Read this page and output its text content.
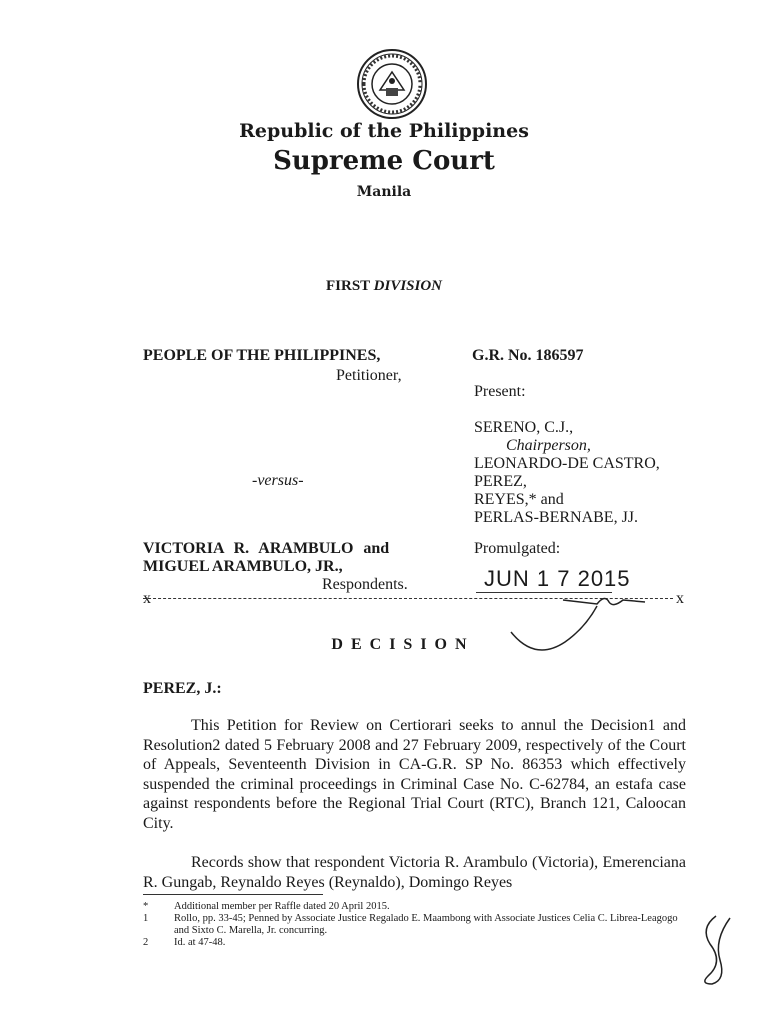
Republic of the Philippines
Supreme Court
Manila
FIRST DIVISION
PEOPLE OF THE PHILIPPINES,
Petitioner,
-versus-
VICTORIA R. ARAMBULO and
MIGUEL ARAMBULO, JR.,
Respondents.
G.R. No. 186597
Present:
SERENO, C.J.,
Chairperson,
LEONARDO-DE CASTRO,
PEREZ,
REYES,* and
PERLAS-BERNABE, JJ.
Promulgated:
JUN 1 7 2015
x	x
D E C I S I O N
PEREZ, J.:

This Petition for Review on Certiorari seeks to annul the Decision1 and Resolution2 dated 5 February 2008 and 27 February 2009, respectively of the Court of Appeals, Seventeenth Division in CA-G.R. SP No. 86353 which effectively suspended the criminal proceedings in Criminal Case No. C-62784, an estafa case against respondents before the Regional Trial Court (RTC), Branch 121, Caloocan City.

Records show that respondent Victoria R. Arambulo (Victoria), Emerenciana R. Gungab, Reynaldo Reyes (Reynaldo), Domingo Reyes

* Additional member per Raffle dated 20 April 2015.
1 Rollo, pp. 33-45; Penned by Associate Justice Regalado E. Maambong with Associate Justices Celia C. Librea-Leagogo and Sixto C. Marella, Jr. concurring.
2 Id. at 47-48.
